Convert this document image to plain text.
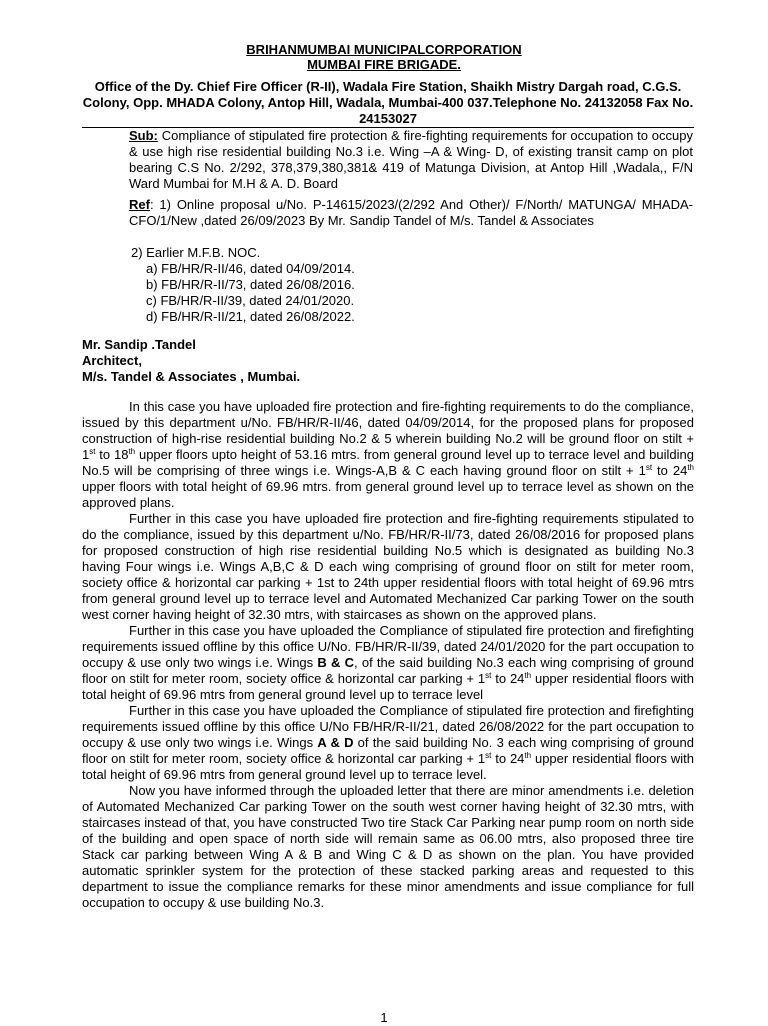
BRIHANMUMBAI MUNICIPALCORPORATION
MUMBAI FIRE BRIGADE.
Office of the Dy. Chief Fire Officer (R-II), Wadala Fire Station, Shaikh Mistry Dargah road, C.G.S. Colony, Opp. MHADA Colony, Antop Hill, Wadala, Mumbai-400 037.Telephone No. 24132058 Fax No. 24153027
Sub: Compliance of stipulated fire protection & fire-fighting requirements for occupation to occupy & use high rise residential building No.3 i.e. Wing –A & Wing- D, of existing transit camp on plot bearing C.S No. 2/292, 378,379,380,381& 419 of Matunga Division, at Antop Hill ,Wadala,, F/N Ward Mumbai for M.H & A. D. Board
Ref: 1) Online proposal u/No. P-14615/2023/(2/292 And Other)/ F/North/ MATUNGA/ MHADA-CFO/1/New ,dated 26/09/2023 By Mr. Sandip Tandel of M/s. Tandel & Associates
2) Earlier M.F.B. NOC.
a) FB/HR/R-II/46, dated 04/09/2014.
b) FB/HR/R-II/73, dated 26/08/2016.
c) FB/HR/R-II/39, dated 24/01/2020.
d) FB/HR/R-II/21, dated 26/08/2022.
Mr. Sandip .Tandel
Architect,
M/s. Tandel & Associates , Mumbai.

In this case you have uploaded fire protection and fire-fighting requirements to do the compliance, issued by this department u/No. FB/HR/R-II/46, dated 04/09/2014, for the proposed plans for proposed construction of high-rise residential building No.2 & 5 wherein building No.2 will be ground floor on stilt + 1st to 18th upper floors upto height of 53.16 mtrs. from general ground level up to terrace level and building No.5 will be comprising of three wings i.e. Wings-A,B & C each having ground floor on stilt + 1st to 24th upper floors with total height of 69.96 mtrs. from general ground level up to terrace level as shown on the approved plans.

Further in this case you have uploaded fire protection and fire-fighting requirements stipulated to do the compliance, issued by this department u/No. FB/HR/R-II/73, dated 26/08/2016 for proposed plans for proposed construction of high rise residential building No.5 which is designated as building No.3 having Four wings i.e. Wings A,B,C & D each wing comprising of ground floor on stilt for meter room, society office & horizontal car parking + 1st to 24th upper residential floors with total height of 69.96 mtrs from general ground level up to terrace level and Automated Mechanized Car parking Tower on the south west corner having height of 32.30 mtrs, with staircases as shown on the approved plans.

Further in this case you have uploaded the Compliance of stipulated fire protection and firefighting requirements issued offline by this office U/No. FB/HR/R-II/39, dated 24/01/2020 for the part occupation to occupy & use only two wings i.e. Wings B & C, of the said building No.3 each wing comprising of ground floor on stilt for meter room, society office & horizontal car parking + 1st to 24th upper residential floors with total height of 69.96 mtrs from general ground level up to terrace level

Further in this case you have uploaded the Compliance of stipulated fire protection and firefighting requirements issued offline by this office U/No FB/HR/R-II/21, dated 26/08/2022 for the part occupation to occupy & use only two wings i.e. Wings A & D of the said building No. 3 each wing comprising of ground floor on stilt for meter room, society office & horizontal car parking + 1st to 24th upper residential floors with total height of 69.96 mtrs from general ground level up to terrace level.

Now you have informed through the uploaded letter that there are minor amendments i.e. deletion of Automated Mechanized Car parking Tower on the south west corner having height of 32.30 mtrs, with staircases instead of that, you have constructed Two tire Stack Car Parking near pump room on north side of the building and open space of north side will remain same as 06.00 mtrs, also proposed three tire Stack car parking between Wing A & B and Wing C & D as shown on the plan. You have provided automatic sprinkler system for the protection of these stacked parking areas and requested to this department to issue the compliance remarks for these minor amendments and issue compliance for full occupation to occupy & use building No.3.

1
